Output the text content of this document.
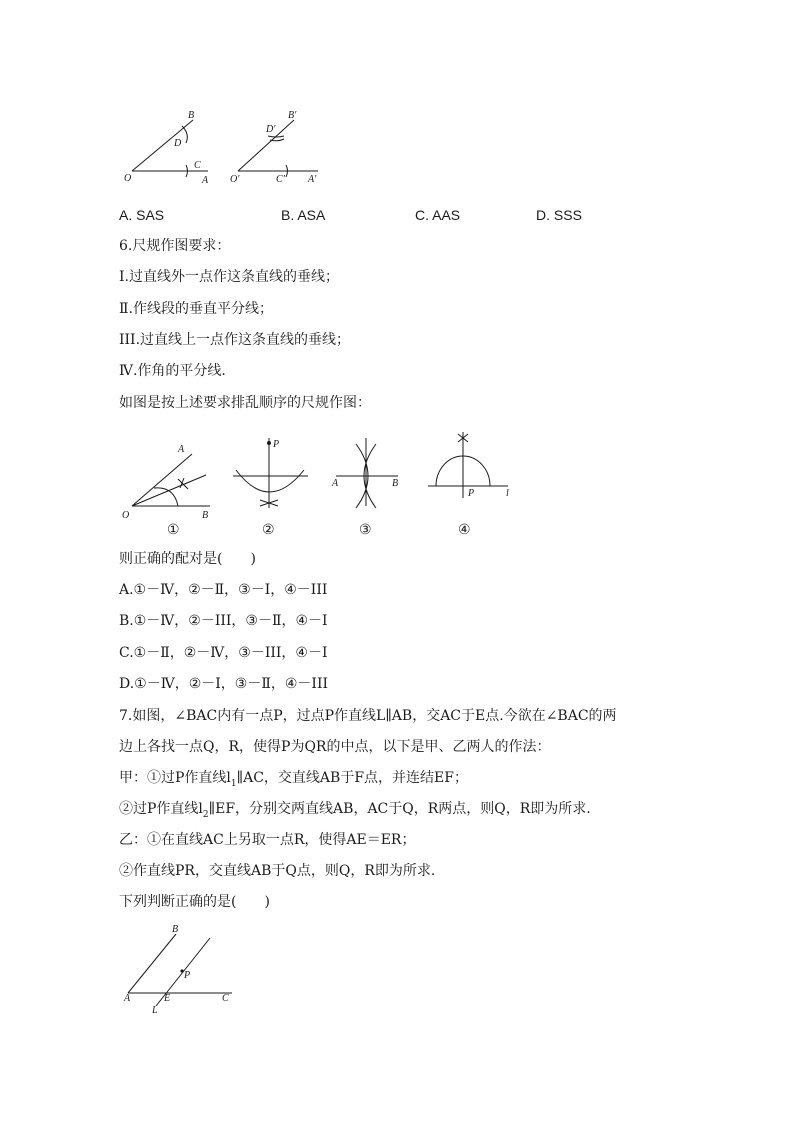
B
D
C
O	A
B′
D′
O′	C′ A′
A. SAS	B. ASA	C. AAS	D. SSS
6.尺规作图要求：
Ⅰ.过直线外一点作这条直线的垂线；
Ⅱ.作线段的垂直平分线；
III.过直线上一点作这条直线的垂线；
Ⅳ.作角的平分线.
如图是按上述要求排乱顺序的尺规作图：
A
O	B
①
P
②
A	B
③
P	l
④
则正确的配对是(　　)
A.①－Ⅳ，②－Ⅱ，③－Ⅰ，④－III
B.①－Ⅳ，②－III，③－Ⅱ，④－Ⅰ
C.①－Ⅱ，②－Ⅳ，③－III，④－Ⅰ
D.①－Ⅳ，②－Ⅰ，③－Ⅱ，④－III
7.如图，∠BAC内有一点P，过点P作直线L∥AB，交AC于E点.今欲在∠BAC的两
边上各找一点Q，R，使得P为QR的中点，以下是甲、乙两人的作法：
甲：①过P作直线$l_1\parallel AC$，交直线AB于F点，并连结EF；
②过P作直线$l_2\parallel EF$，分别交两直线AB，AC于Q，R两点，则Q，R即为所求.
乙：①在直线AC上另取一点R，使得AE＝ER；
②作直线PR，交直线AB于Q点，则Q，R即为所求.
下列判断正确的是(　　)
B
P
A	E	C
L
